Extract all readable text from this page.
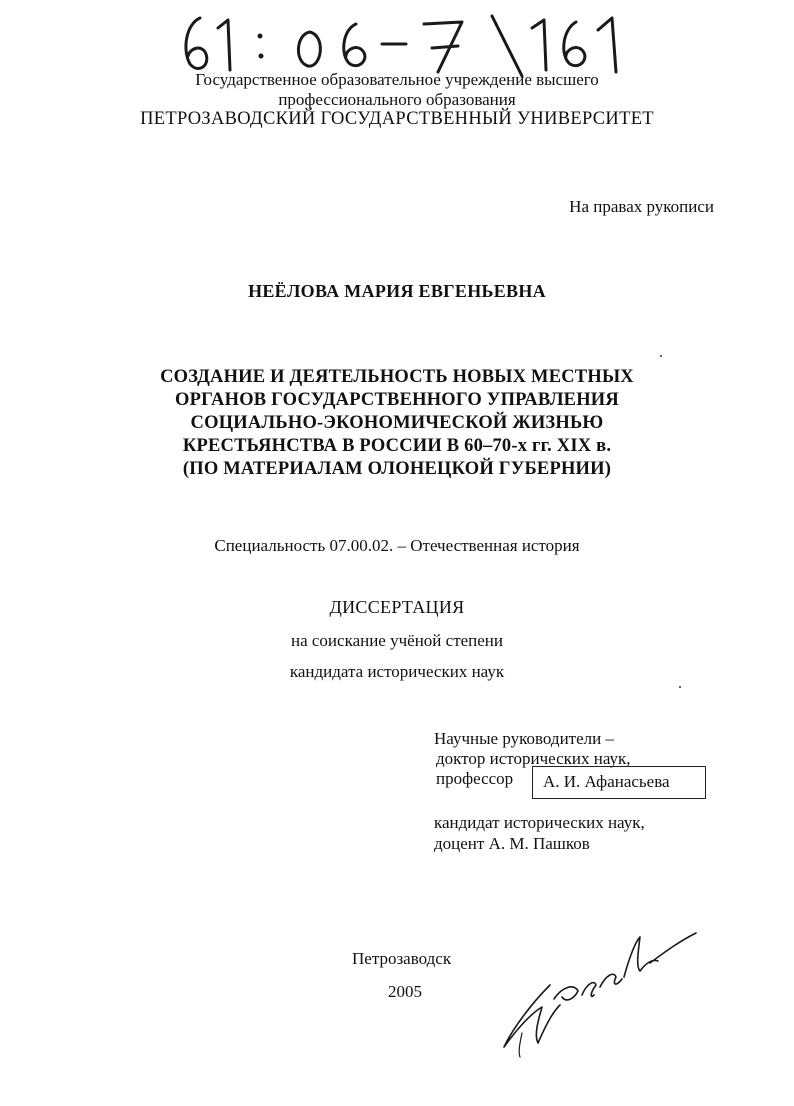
Государственное образовательное учреждение высшего
профессионального образования
ПЕТРОЗАВОДСКИЙ ГОСУДАРСТВЕННЫЙ УНИВЕРСИТЕТ
На правах рукописи
НЕЁЛОВА МАРИЯ ЕВГЕНЬЕВНА
СОЗДАНИЕ И ДЕЯТЕЛЬНОСТЬ НОВЫХ МЕСТНЫХ
ОРГАНОВ ГОСУДАРСТВЕННОГО УПРАВЛЕНИЯ
СОЦИАЛЬНО-ЭКОНОМИЧЕСКОЙ ЖИЗНЬЮ
КРЕСТЬЯНСТВА В РОССИИ В 60–70-х гг. XIX в.
(ПО МАТЕРИАЛАМ ОЛОНЕЦКОЙ ГУБЕРНИИ)
Специальность 07.00.02. – Отечественная история
ДИССЕРТАЦИЯ
на соискание учёной степени
кандидата исторических наук
Научные руководители –
доктор исторических наук,
профессор	А. И. Афанасьева
кандидат исторических наук,
доцент А. М. Пашков
Петрозаводск
2005
